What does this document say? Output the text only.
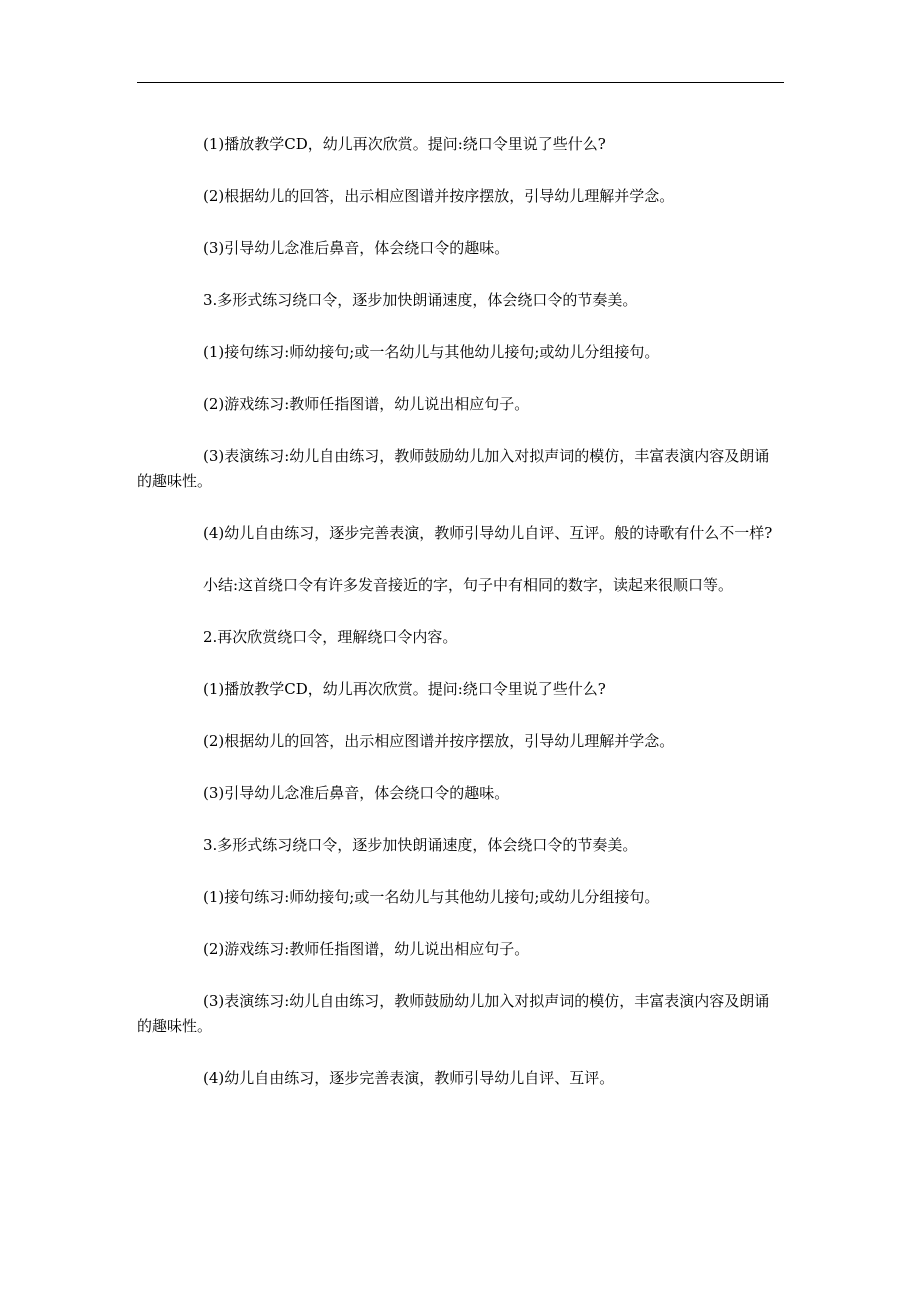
(1)播放教学CD，幼儿再次欣赏。提问:绕口令里说了些什么?

(2)根据幼儿的回答，出示相应图谱并按序摆放，引导幼儿理解并学念。

(3)引导幼儿念准后鼻音，体会绕口令的趣味。

3.多形式练习绕口令，逐步加快朗诵速度，体会绕口令的节奏美。

(1)接句练习:师幼接句;或一名幼儿与其他幼儿接句;或幼儿分组接句。

(2)游戏练习:教师任指图谱，幼儿说出相应句子。

(3)表演练习:幼儿自由练习，教师鼓励幼儿加入对拟声词的模仿，丰富表演内容及朗诵的趣味性。

(4)幼儿自由练习，逐步完善表演，教师引导幼儿自评、互评。般的诗歌有什么不一样?

小结:这首绕口令有许多发音接近的字，句子中有相同的数字，读起来很顺口等。

2.再次欣赏绕口令，理解绕口令内容。

(1)播放教学CD，幼儿再次欣赏。提问:绕口令里说了些什么?

(2)根据幼儿的回答，出示相应图谱并按序摆放，引导幼儿理解并学念。

(3)引导幼儿念准后鼻音，体会绕口令的趣味。

3.多形式练习绕口令，逐步加快朗诵速度，体会绕口令的节奏美。

(1)接句练习:师幼接句;或一名幼儿与其他幼儿接句;或幼儿分组接句。

(2)游戏练习:教师任指图谱，幼儿说出相应句子。

(3)表演练习:幼儿自由练习，教师鼓励幼儿加入对拟声词的模仿，丰富表演内容及朗诵的趣味性。

(4)幼儿自由练习，逐步完善表演，教师引导幼儿自评、互评。
